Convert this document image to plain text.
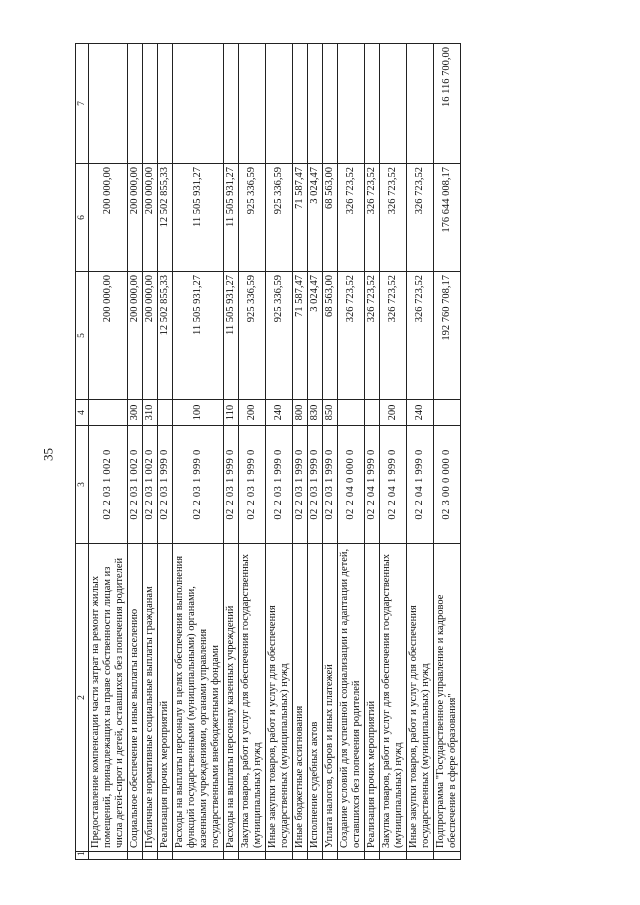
35
1	2	3	4	5	6	7
	Предоставление компенсации части затрат на ремонт жилых помещений, принадлежащих на праве собственности лицам из числа детей-сирот и детей, оставшихся без попечения родителей	02 2 03 1 002 0		200 000,00	200 000,00	
	Социальное обеспечение и иные выплаты населению	02 2 03 1 002 0	300	200 000,00	200 000,00	
	Публичные нормативные социальные выплаты гражданам	02 2 03 1 002 0	310	200 000,00	200 000,00	
	Реализация прочих мероприятий	02 2 03 1 999 0		12 502 855,33	12 502 855,33	
	Расходы на выплаты персоналу в целях обеспечения выполнения функций государственными (муниципальными) органами, казенными учреждениями, органами управления государственными внебюджетными фондами	02 2 03 1 999 0	100	11 505 931,27	11 505 931,27	
	Расходы на выплаты персоналу казенных учреждений	02 2 03 1 999 0	110	11 505 931,27	11 505 931,27	
	Закупка товаров, работ и услуг для обеспечения государственных (муниципальных) нужд	02 2 03 1 999 0	200	925 336,59	925 336,59	
	Иные закупки товаров, работ и услуг для обеспечения государственных (муниципальных) нужд	02 2 03 1 999 0	240	925 336,59	925 336,59	
	Иные бюджетные ассигнования	02 2 03 1 999 0	800	71 587,47	71 587,47	
	Исполнение судебных актов	02 2 03 1 999 0	830	3 024,47	3 024,47	
	Уплата налогов, сборов и иных платежей	02 2 03 1 999 0	850	68 563,00	68 563,00	
	Создание условий для успешной социализации и адаптации детей, оставшихся без попечения родителей	02 2 04 0 000 0		326 723,52	326 723,52	
	Реализация прочих мероприятий	02 2 04 1 999 0		326 723,52	326 723,52	
	Закупка товаров, работ и услуг для обеспечения государственных (муниципальных) нужд	02 2 04 1 999 0	200	326 723,52	326 723,52	
	Иные закупки товаров, работ и услуг для обеспечения государственных (муниципальных) нужд	02 2 04 1 999 0	240	326 723,52	326 723,52	
	Подпрограмма "Государственное управление и кадровое обеспечение в сфере образования"	02 3 00 0 000 0		192 760 708,17	176 644 008,17	16 116 700,00
